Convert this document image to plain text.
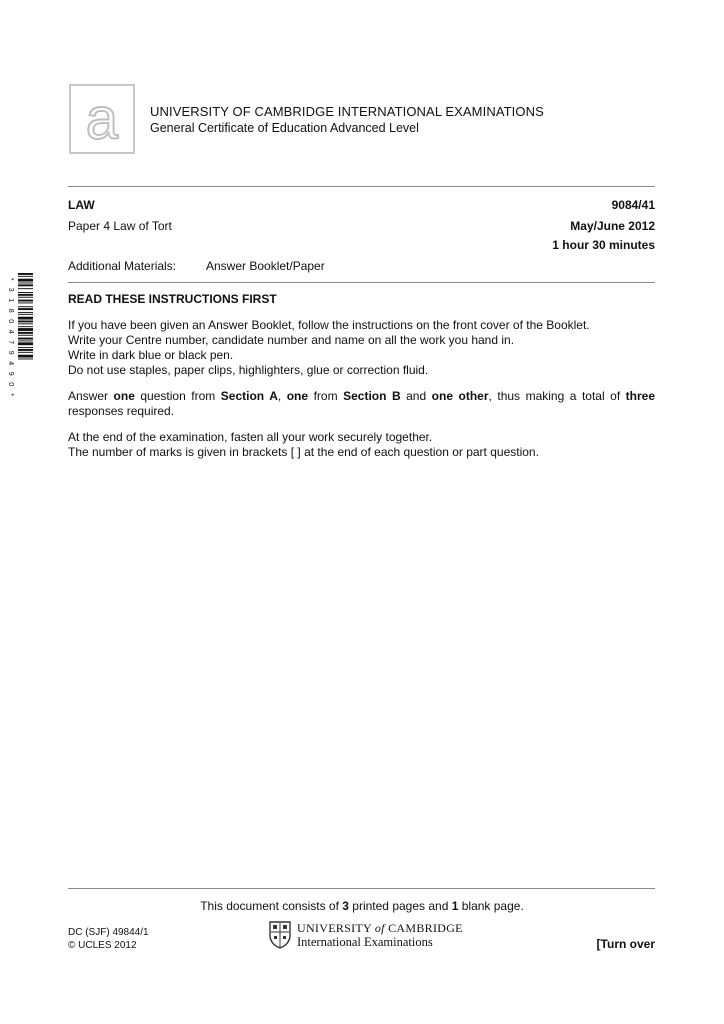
a UNIVERSITY OF CAMBRIDGE INTERNATIONAL EXAMINATIONS
General Certificate of Education Advanced Level
LAW	9084/41
Paper 4 Law of Tort	May/June 2012
1 hour 30 minutes
Additional Materials: Answer Booklet/Paper
*
3
1
8
0
4
7
9
4
9
0
*
READ THESE INSTRUCTIONS FIRST

If you have been given an Answer Booklet, follow the instructions on the front cover of the Booklet.

Write your Centre number, candidate number and name on all the work you hand in.

Write in dark blue or black pen.

Do not use staples, paper clips, highlighters, glue or correction fluid.

Answer one question from Section A, one from Section B and one other, thus making a total of three responses required.

At the end of the examination, fasten all your work securely together.

The number of marks is given in brackets [ ] at the end of each question or part question.

This document consists of 3 printed pages and 1 blank page.
DC (SJF) 49844/1
© UCLES 2012
UNIVERSITY of CAMBRIDGE
International Examinations	[Turn over
